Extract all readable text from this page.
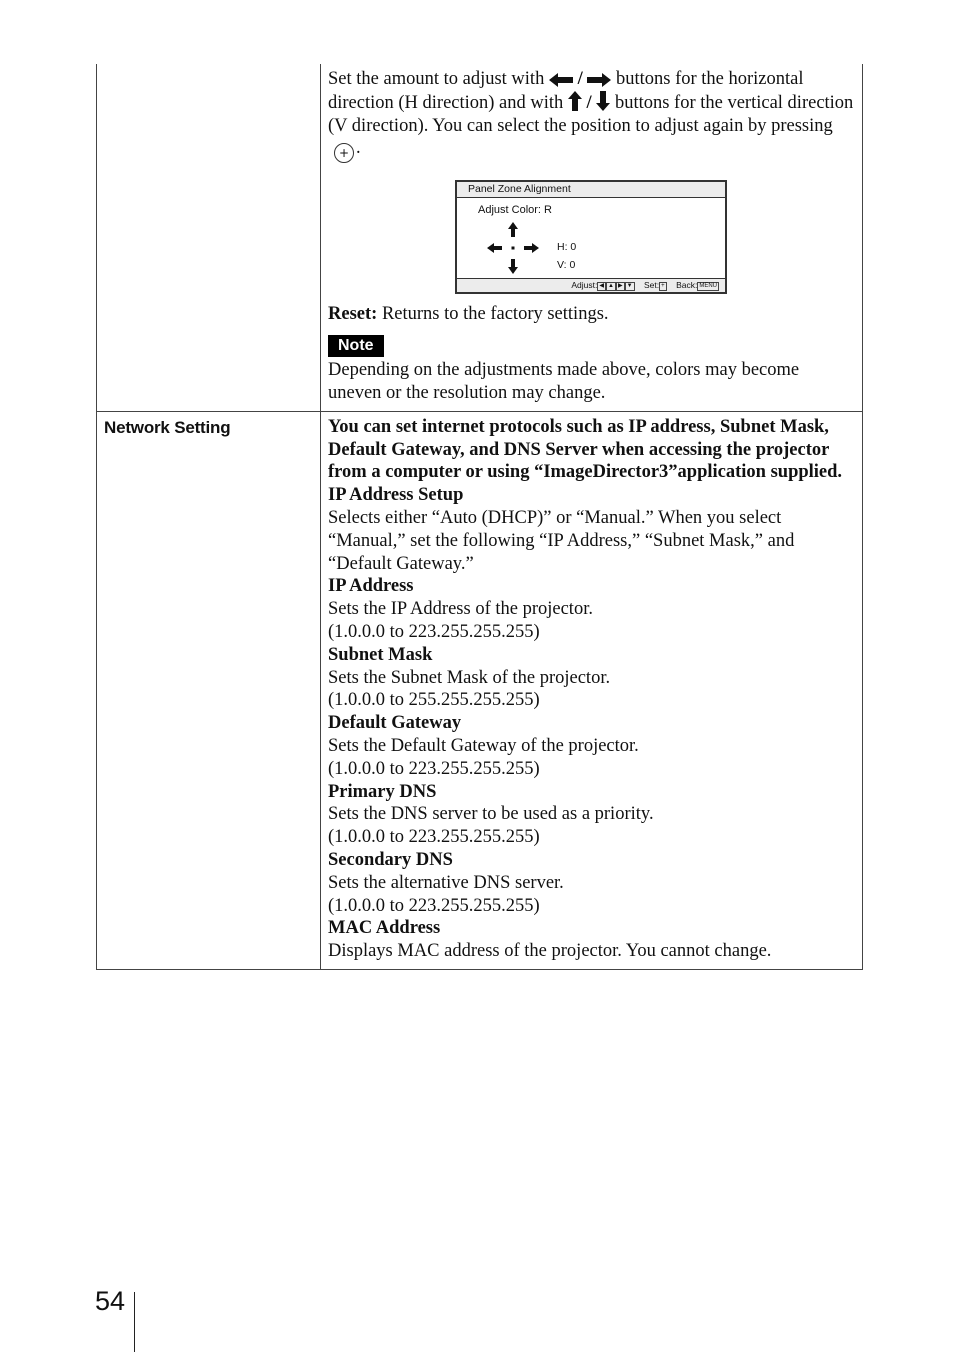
Set the amount to adjust with / buttons for the horizontal direction (H direction) and with / buttons for the vertical direction (V direction). You can select the position to adjust again by pressing+ .

Panel Zone Alignment
Adjust Color: R
H: 0
V: 0
Adjust: ◀ ▲ ▶ ▼ Set: + Back: MENU

Reset: Returns to the factory settings.

Note

Depending on the adjustments made above, colors may become uneven or the resolution may change.

Network Setting	You can set internet protocols such as IP address, Subnet Mask, Default Gateway, and DNS Server when accessing the projector from a computer or using “ImageDirector3”application supplied.

IP Address Setup

Selects either “Auto (DHCP)” or “Manual.” When you select “Manual,” set the following “IP Address,” “Subnet Mask,” and “Default Gateway.”

IP Address

Sets the IP Address of the projector.

(1.0.0.0 to 223.255.255.255)

Subnet Mask

Sets the Subnet Mask of the projector.

(1.0.0.0 to 255.255.255.255)

Default Gateway

Sets the Default Gateway of the projector.

(1.0.0.0 to 223.255.255.255)

Primary DNS

Sets the DNS server to be used as a priority.

(1.0.0.0 to 223.255.255.255)

Secondary DNS

Sets the alternative DNS server.

(1.0.0.0 to 223.255.255.255)

MAC Address

Displays MAC address of the projector. You cannot change.

54
